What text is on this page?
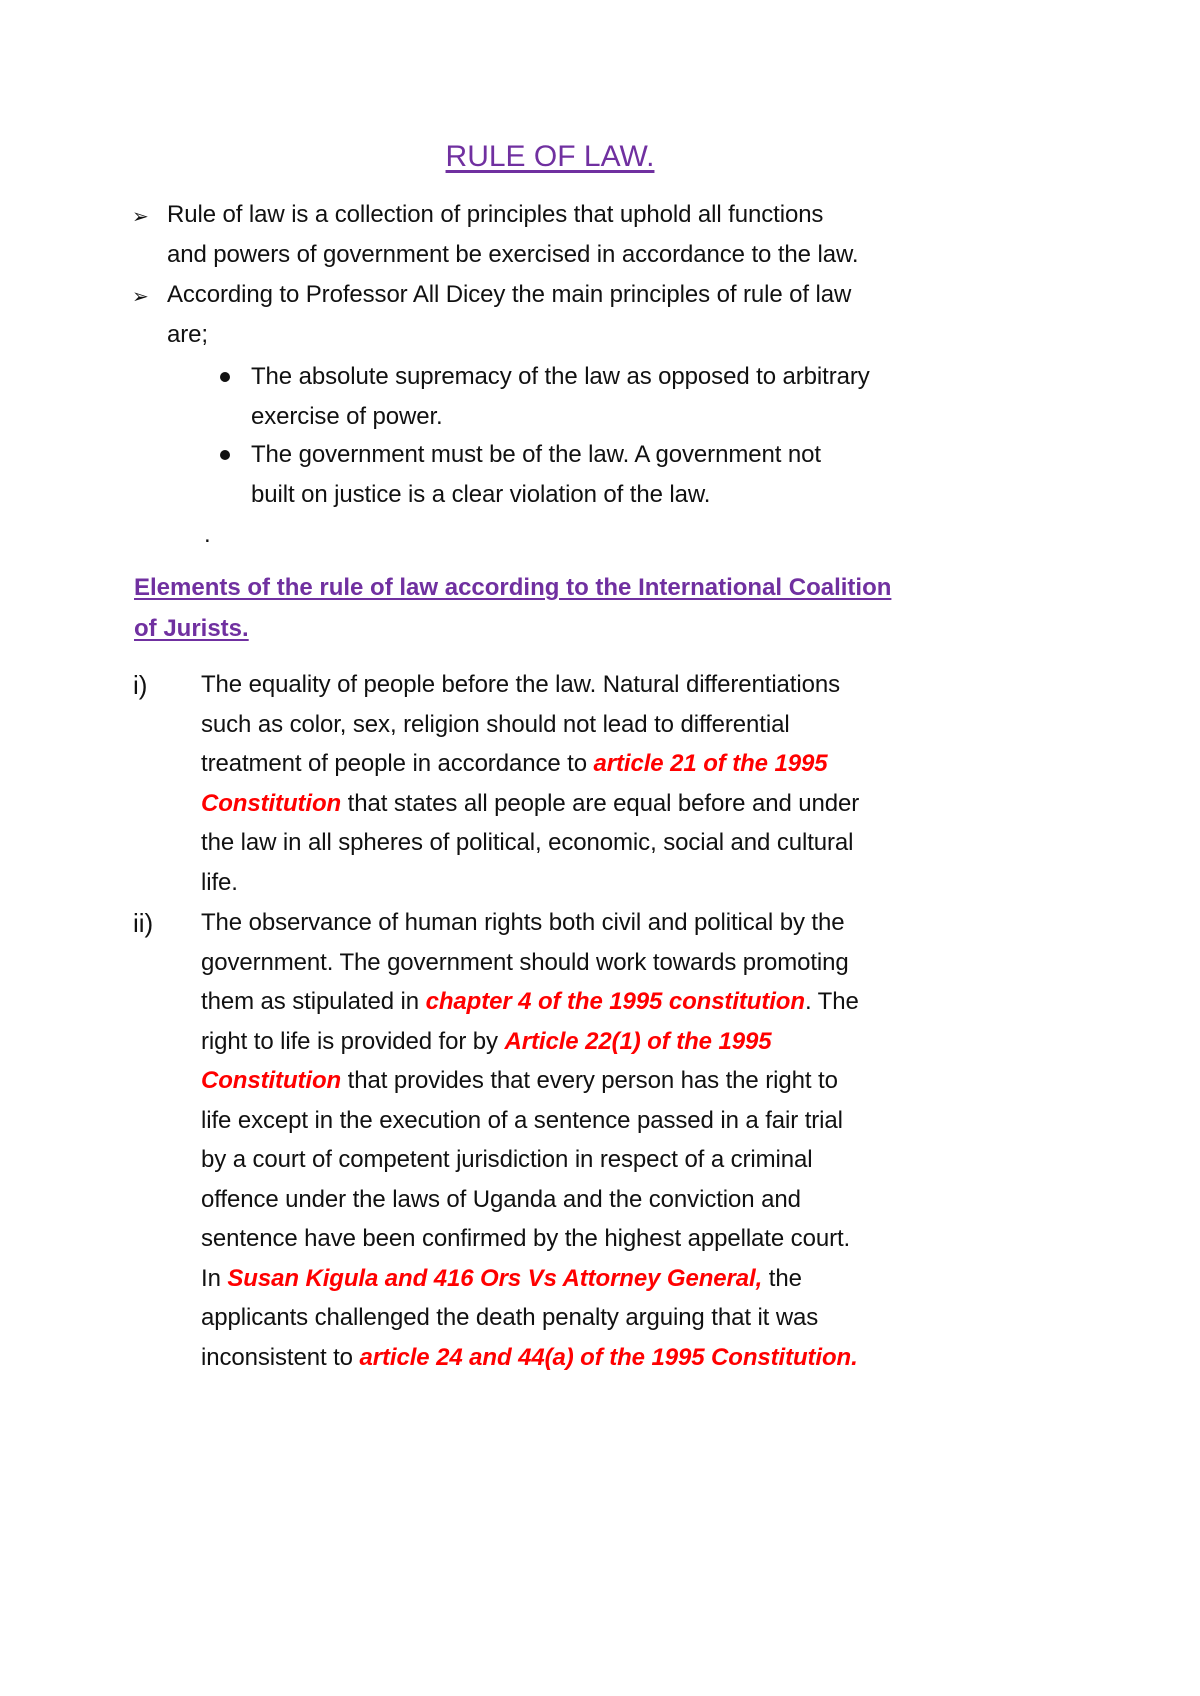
RULE OF LAW.
➢ Rule of law is a collection of principles that uphold all functions
and powers of government be exercised in accordance to the law.
➢ According to Professor All Dicey the main principles of rule of law
are;
The absolute supremacy of the law as opposed to arbitrary
exercise of power.
The government must be of the law. A government not
built on justice is a clear violation of the law.
.
Elements of the rule of law according to the International Coalition
of Jurists.
i) The equality of people before the law. Natural differentiations
such as color, sex, religion should not lead to differential
treatment of people in accordance to article 21 of the 1995
Constitution that states all people are equal before and under
the law in all spheres of political, economic, social and cultural
life.
ii) The observance of human rights both civil and political by the
government. The government should work towards promoting
them as stipulated in chapter 4 of the 1995 constitution. The
right to life is provided for by Article 22(1) of the 1995
Constitution that provides that every person has the right to
life except in the execution of a sentence passed in a fair trial
by a court of competent jurisdiction in respect of a criminal
offence under the laws of Uganda and the conviction and
sentence have been confirmed by the highest appellate court.
In Susan Kigula and 416 Ors Vs Attorney General, the
applicants challenged the death penalty arguing that it was
inconsistent to article 24 and 44(a) of the 1995 Constitution.
